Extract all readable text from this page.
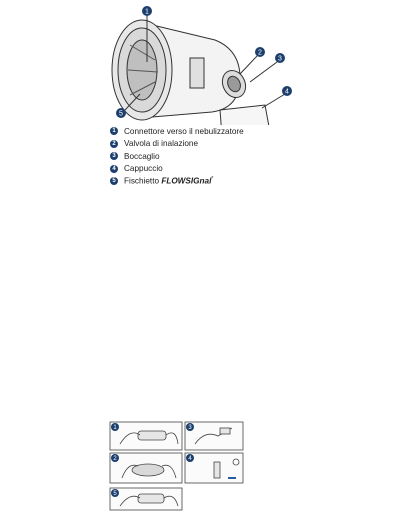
1
2
3
4
5
1 Connettore verso il nebulizzatore
2 Valvola di inalazione
3 Boccaglio
4 Cappuccio
5 Fischietto FLOWSIGnal*
1	3
2	4
5
